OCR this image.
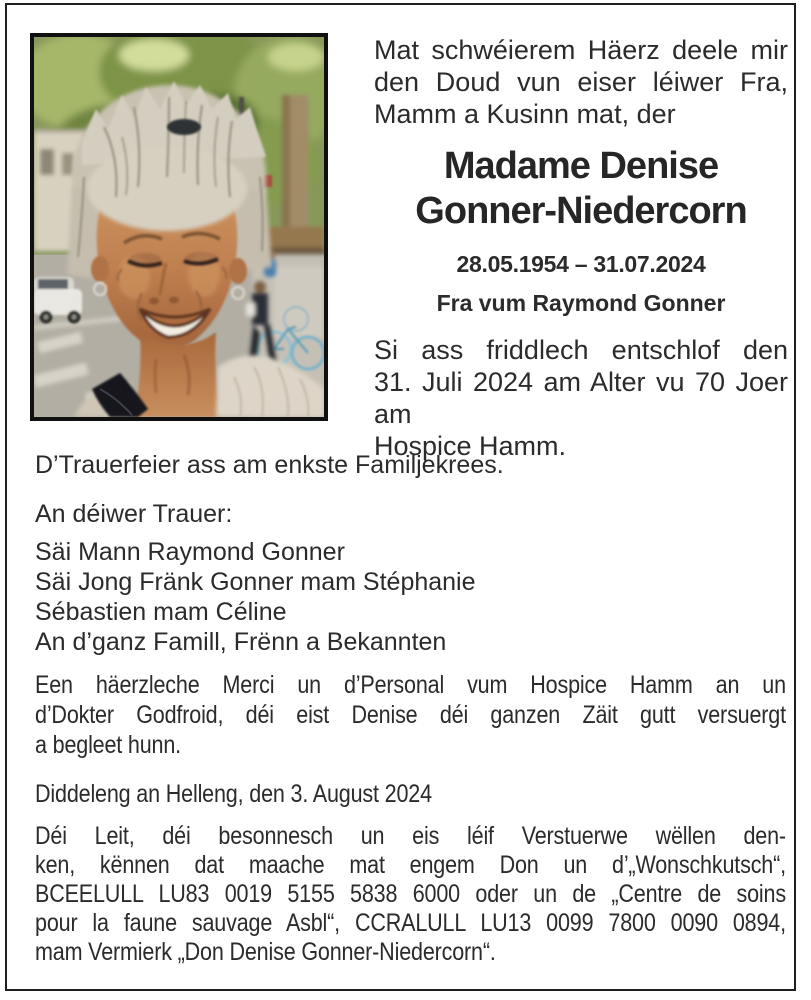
Mat schwéierem Häerz deele mir
den Doud vun eiser léiwer Fra,
Mamm a Kusinn mat, der
Madame Denise
Gonner-Niedercorn
28.05.1954 – 31.07.2024
Fra vum Raymond Gonner
Si ass friddlech entschlof den
31. Juli 2024 am Alter vu 70 Joer am
Hospice Hamm.
D’Trauerfeier ass am enkste Familjekrees.
An déiwer Trauer:
Säi Mann Raymond Gonner
Säi Jong Fränk Gonner mam Stéphanie
Sébastien mam Céline
An d’ganz Famill, Frënn a Bekannten
Een häerzleche Merci un d’Personal vum Hospice Hamm an un
d’Dokter Godfroid, déi eist Denise déi ganzen Zäit gutt versuergt
a begleet hunn.
Diddeleng an Helleng, den 3. August 2024
Déi Leit, déi besonnesch un eis léif Verstuerwe wëllen den-
ken, kënnen dat maache mat engem Don un d’„Wonschkutsch“,
BCEELULL LU83 0019 5155 5838 6000 oder un de „Centre de soins
pour la faune sauvage Asbl“, CCRALULL LU13 0099 7800 0090 0894,
mam Vermierk „Don Denise Gonner-Niedercorn“.
